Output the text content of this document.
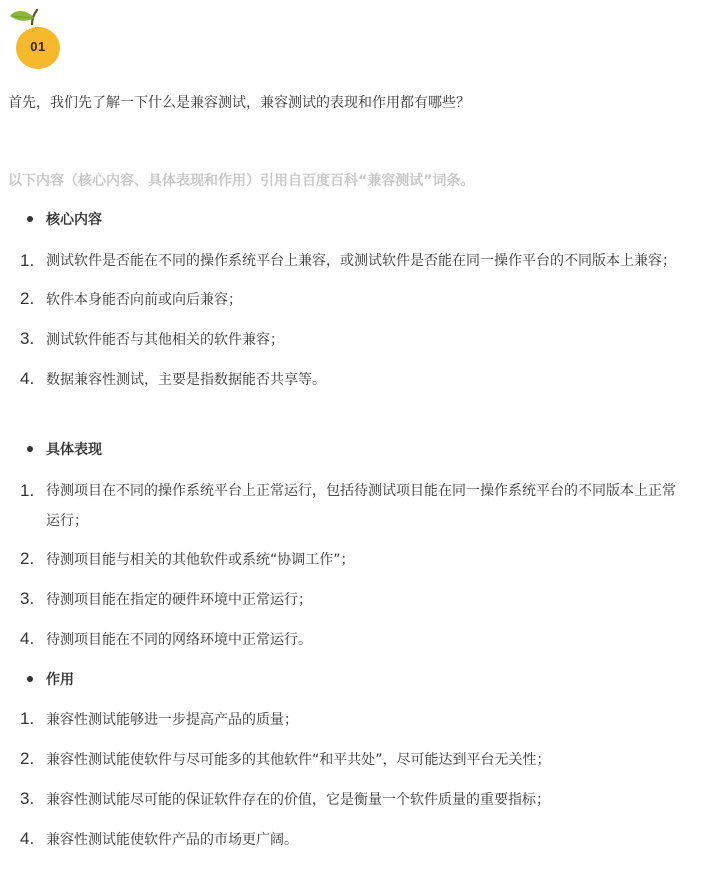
01
首先，我们先了解一下什么是兼容测试，兼容测试的表现和作用都有哪些？
以下内容（核心内容、具体表现和作用）引用自百度百科“兼容测试”词条。
核心内容
1. 测试软件是否能在不同的操作系统平台上兼容，或测试软件是否能在同一操作平台的不同版本上兼容；
2. 软件本身能否向前或向后兼容；
3. 测试软件能否与其他相关的软件兼容；
4. 数据兼容性测试，主要是指数据能否共享等。
具体表现
1. 待测项目在不同的操作系统平台上正常运行，包括待测试项目能在同一操作系统平台的不同版本上正常运行；
2. 待测项目能与相关的其他软件或系统“协调工作”；
3. 待测项目能在指定的硬件环境中正常运行；
4. 待测项目能在不同的网络环境中正常运行。
作用
1. 兼容性测试能够进一步提高产品的质量；
2. 兼容性测试能使软件与尽可能多的其他软件“和平共处”，尽可能达到平台无关性；
3. 兼容性测试能尽可能的保证软件存在的价值，它是衡量一个软件质量的重要指标；
4. 兼容性测试能使软件产品的市场更广阔。
